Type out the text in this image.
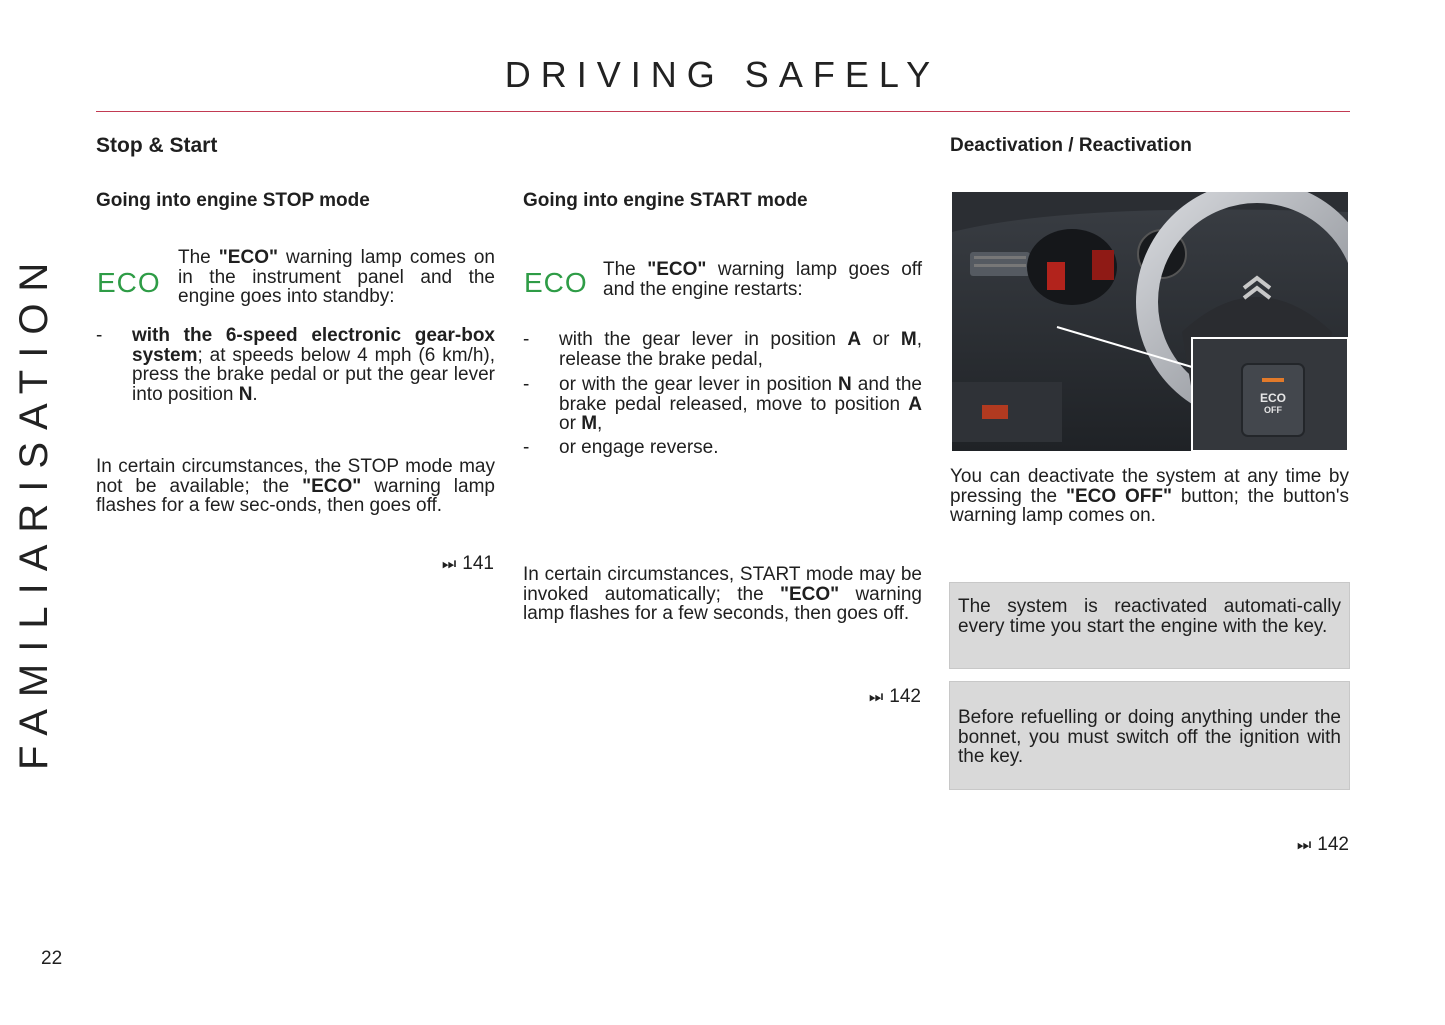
DRIVING SAFELY
FAMILIARISATION
Stop & Start
Going into engine STOP mode
ECO
The "ECO" warning lamp comes on in the instrument panel and the engine goes into standby:
-	with the 6-speed electronic gear-box system; at speeds below 4 mph (6 km/h), press the brake pedal or put the gear lever into position N.
In certain circumstances, the STOP mode may not be available; the "ECO" warning lamp flashes for a few sec-onds, then goes off.
⏭ 141
Going into engine START mode
ECO The "ECO" warning lamp goes off and the engine restarts:
-	with the gear lever in position A or M, release the brake pedal,
-	or with the gear lever in position N and the brake pedal released, move to position A or M,
-	or engage reverse.
In certain circumstances, START mode may be invoked automatically; the "ECO" warning lamp flashes for a few seconds, then goes off.
⏭ 142
Deactivation / Reactivation
ECO
OFF
You can deactivate the system at any time by pressing the "ECO OFF" button; the button's warning lamp comes on.
The system is reactivated automati-cally every time you start the engine with the key.
Before refuelling or doing anything under the bonnet, you must switch off the ignition with the key.
⏭ 142
22
